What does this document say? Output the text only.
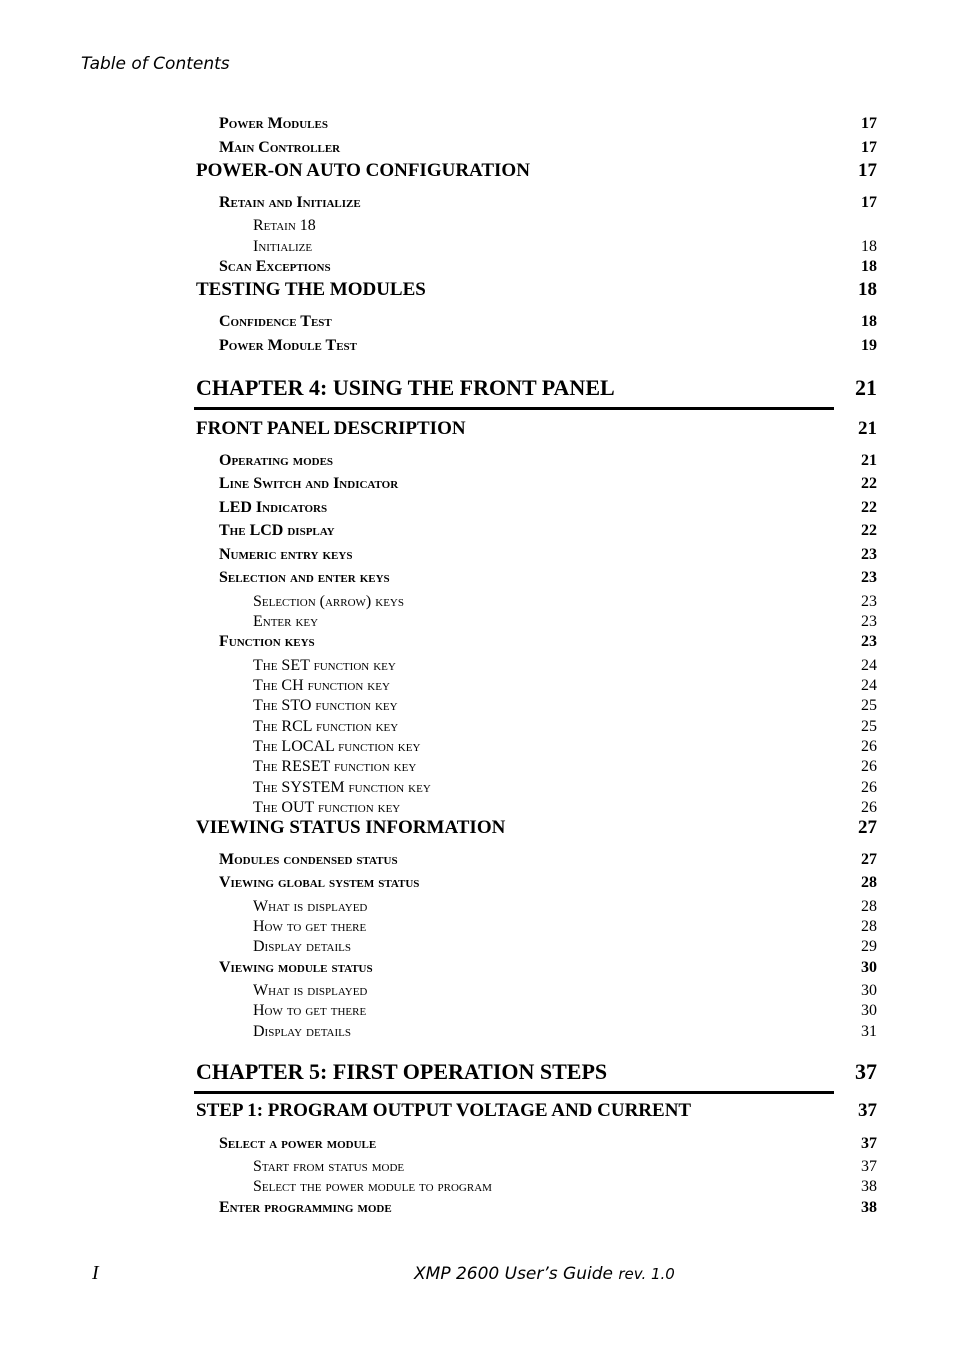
Table of Contents
Power Modules	17
Main Controller	17
POWER-ON AUTO CONFIGURATION	17
Retain and Initialize	17
Retain 18
Initialize	18
Scan Exceptions	18
TESTING THE MODULES	18
Confidence Test	18
Power Module Test	19
CHAPTER 4: USING THE FRONT PANEL	21
FRONT PANEL DESCRIPTION	21
Operating modes	21
Line Switch and Indicator	22
LED Indicators	22
The LCD display	22
Numeric entry keys	23
Selection and enter keys	23
Selection (arrow) keys	23
Enter key	23
Function keys	23
The SET function key	24
The CH function key	24
The STO function key	25
The RCL function key	25
The LOCAL function key	26
The RESET function key	26
The SYSTEM function key	26
The OUT function key	26
VIEWING STATUS INFORMATION	27
Modules condensed status	27
Viewing global system status	28
What is displayed	28
How to get there	28
Display details	29
Viewing module status	30
What is displayed	30
How to get there	30
Display details	31
CHAPTER 5: FIRST OPERATION STEPS	37
STEP 1: PROGRAM OUTPUT VOLTAGE AND CURRENT	37
Select a power module	37
Start from status mode	37
Select the power module to program	38
Enter programming mode	38
I	XMP 2600 User’s Guide rev. 1.0
